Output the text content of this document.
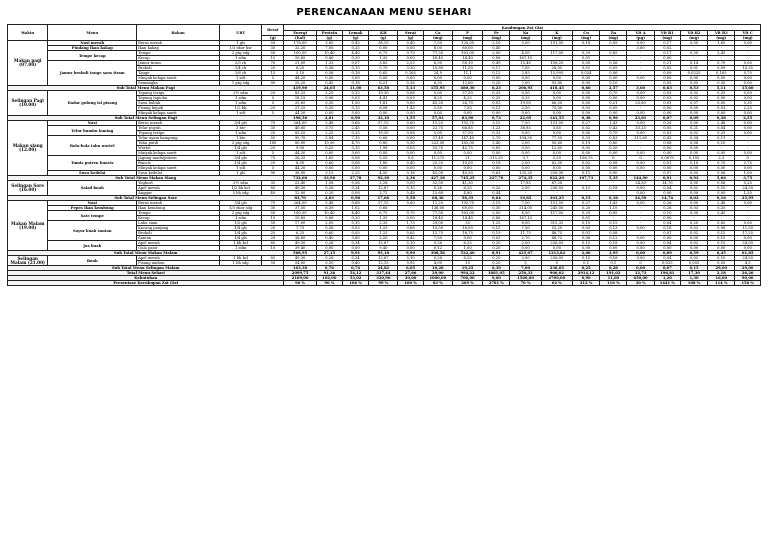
PERENCANAAN MENU SEHARI
Waktu	Menu	Bahan	URT	Berat	Kandungan Zat Gizi																
					Energi	Protein	Lemak	KH	Serat	Ca	P	Fe	Na	K	Cu	Zn	Vit A	Vit B1	Vit B2	Vit B3	Vit C
				(g)	(Kal)	(g)	(g)	(g)	(g)	(mg)	(mg)	(mg)	(mg)	(mg)	(mg)	(mg)	(µg)	(mg)	(mg)	(mg)	(mg)
Makan pagi
(07.00)	Nasi merah	Beras merah	1 gls	50	178,00	3,85	0,45	38,10	0,40	7,50	128,50	2,10	5,00	101,00	0,18	0,95	0,00	0,17	0,00	1,65	0,00
	Pindang ikan kakap	Ikan kakap	1/3 ekor bsr	35	32,20	7,00	0,25	0,00	0,00	8,00	80,00	0,40	-	-	-	-	3,60	0,02	-	-	-
	Tempe kecap	Tempe	2 ptg sdg	50	100,50	10,40	4,40	6,75	0,70	77,50	163,00	2,00	4,50	117,00	0,29	0,85	-	0,17	0,30	2,45	-
		Kecap	1 sdm	15	10,65	0,86	0,20	1,35	0,00	18,45	14,40	0,86	167,10	-	0,01	-	-	0,00	-	-	-
	Jamur brokoli tauge saus tiram	Jamur tiram	2/3 ch	70	21,00	1,33	0,07	3,85	2,52	6,30	58,10	0,49	15,40	158,20	0,00	0,56	-	0,21	0,14	0,70	0,00
		Brokoli	1/4 ch	25	6,25	0,36	0,10	0,70	3,30	10,80	11,50	0,17	7,05	28,05	0,01	0,05	-	0,02	0,01	0,09	10,35
		Tauge	1/6 ch	15	5,10	0,56	0,18	0,65	0,165	24,9	11,1	0,12	2,85	13,995	0,024	0,06	-	0,09	0,0225	0,165	0,75
		Minyak kelapa sawit	1 sdt	5	44,20	0,00	5,00	0,00	0,00	0,00	0,00	0,00	0,00	0,00	0,00	0,00	0,00	0,00	0,00	0,00	0,00
		Semangka	1 ptg sdg	90	25,20	0,45	0,18	6,21	0,36	6,30	12,60	0,20	7,00	93,80	0,00	0,10	-	0,05	0,05	0,30	0,00
Sub Total Menu Makan Pagi					419,90	24,65	11,00	63,58	5,13	155,95	480,30	6,23	206,95	418,45	0,60	2,57	3,60	0,63	0,53	5,11	15,60
Selingan Pagi
(10.00)	Dadar gulung isi pisang	Tepung terigu	2½ sdm	25	83,25	2,25	0,25	19,30	0,08	5,00	37,50	0,33	0,50	0,00	0,00	0,70	0,00	0,03	0,02	0,25	0,00
		Tepung tapioka	1 sdm	5	18,15	0,06	0,03	4,41	0,03	4,25	4,25	0,25	0,25	0,00	0,00	0,00	0,00	0,03	0,02	0,00	0,00
		Susu bubuk	1 sdm	5	25,65	0,30	1,50	1,81	0,00	45,20	24,70	0,03	19,00	66,50	0,00	0,21	23,80	0,01	0,07	0,00	0,30
		Pisang kepok	1/2 bh	25	27,25	0,20	0,13	6,58	1,43	2,50	7,50	0,13	2,50	75,00	0,03	0,05	-	0,00	0,00	0,03	2,25
		Minyak kelapa sawit	1 sdt	5	44,20	0,00	5,00	0,00	0,00	0,00	0,00	0,00	0,00	0,00	0,00	0,00	0,00	0,00	0,00	0,00	0,00
Sub Total Menu Selingan Pagi					198,50	2,81	6,90	32,10	1,55	57,03	83,90	0,73	22,05	141,55	0,38	0,96	23,81	0,07	0,09	0,38	2,55
Makan siang
(12.00)	Nasi	Beras merah	3/4 gls	75	264,00	5,48	0,68	57,15	0,60	11,25	192,75	3,15	7,50	151,50	0,27	1,43	0,00	0,26	0,00	2,48	0,00
	Telur bumbu kuning	Telur puyuh	3 btr	35	40,60	3,75	2,45	0,56	0,00	22,75	66,85	1,23	38,85	3,85	0,02	0,42	33,25	0,05	0,21	0,04	0,00
		Tepung terigu	1 sdm	25	83,25	2,25	0,25	19,30	0,08	5,00	37,50	0,33	0,50	0,00	0,00	0,70	0,00	0,03	0,02	0,25	0,00
	Bola-bola tahu wortel	Telur ayam kampung	1 btr	55	95,70	5,94	7,15	0,66	0,00	37,40	147,40	2,70	104,50	77,55	0,33	0,83	111,65	0,43	0,34	0,11	-
		Tahu putih	2 ptg sdg	100	80,00	10,90	4,70	0,80	0,20	223,00	183,00	3,40	2,00	50,60	0,19	0,80	-	0,08	0,08	0,10	-
		Wortel	1/4 gls	25	9,00	0,25	0,15	1,98	0,03	55,75	45,75	0,85	0,50	12,65	0,05	0,20	-	0,00	0,00	-	-
		Minyak kelapa sawit	1 sdt	5	44,20	0,00	5,00	0,00	0,00	0,00	0,00	0,00	0,00	0,00	0,00	0,00	0,00	0,00	0,00	0,00	0,00
	Tumis putren buncis	Jagung muda/putren	3/4 gls	75	26,25	1,65	0,08	5,55	0,9	11,275	21	215,25	3,7	5,25	106,75	0	0	0,0675	0,105	2,3	0
		Buncis	1/4 gls	25	8,50	0,60	0,08	1,80	0,40	25,25	10,50	0,18	2,00	62,50	0,02	0,08	0,00	0,01	0,10	0,70	2,75
		Minyak kelapa sawit	1 sdt	5	44,20	0,00	5,00	0,00	0,00	0,00	0,00	0,00	0,00	0,00	0,00	0,00	0,00	0,00	0,00	0,00	0,00
	Susu kedelai	Susu kedelai	1 gls	90	36,90	3,15	2,25	4,50	0,18	45,00	40,50	0,63	135,20	258,30	0,11	0,90	-	0,07	0,05	0,06	1,00
Sub Total Menu Makan Siang					732,60	33,96	27,78	92,30	2,36	427,18	745,25	227,70	274,35	622,20	107,73	5,35	144,90	0,91	0,92	5,66	3,75
Selingan Sore
(16.00)	Salad buah	Yoghurt	2½ sdm	35	22,40	1,58	0,56	2,28	0,00	52,50	41,30	-	17,85	67,20	-	-	24,50	14,70	0,00	0,06	0,25
		Apel merah	1/2 bh kcl	85	49,30	0,26	0,34	12,67	5,10	0,26	6,25	0,20	2,00	236,05	0,15	0,18	0,00	0,04	0,02	0,10	24,50
		Anggur	5 bh sdg	40	12,00	0,20	0,08	2,72	0,48	15,60	4,80	0,44	-	-	-	-	0,00	0,00	0,00	0,00	1,20
Sub Total Menu Selingan Sore					83,70	2,03	0,98	17,66	5,58	68,36	58,35	0,64	19,85	303,25	0,15	0,18	24,50	14,74	0,02	0,16	25,95
Makan Malam
(19.00)	Nasi	Beras merah	3/4 gls	75	264,00	5,48	0,68	57,15	0,60	11,25	192,75	3,15	7,50	151,50	0,27	1,43	0,00	0,26	0,00	2,48	0,00
	Pepes ikan kembung	Ikan kembung	1/3 ekor sdg	30	37,50	6,39	1,02	0,66	-	136,00	69,00	0,30	214,00	245,00	0,20	1,10	-	0,26	0,03	0,20	-
	Sate tempe	Tempe	2 ptg sdg	50	100,50	10,40	4,40	6,75	0,70	77,50	163,00	2,00	4,50	117,00	0,29	0,85	-	0,10	0,30	2,45	-
		Kecap	1 sdm	15	10,65	0,86	0,20	1,35	0,00	18,45	14,40	0,86	167,10	-	0,01	-	-	0,00	-	-	-
	Sayur kuah santan	Labu siam	1/2 gls	50	17,00	2,00	0,15	2,35	1,75	29,00	35	1,25	8,00	315,35	0,10	0,15	-	0,04	0,20	0,85	0,00
		Kacang panjang	1/4 gls	25	7,75	0,58	0,03	1,33	0,68	15,50	16,00	0,15	7,50	53,25	0,03	0,13	0,00	0,18	0,03	0,08	11,50
		Brokoli	1/4 gls	25	6,25	0,60	0,05	1,23	0,65	11,75	16,75	0,19	11,75	46,75	0,01	0,08	-	0,01	0,02	0,15	17,25
		Santan	1/4 gls	20	36,60	0,40	3,80	2,20	0,42	7,50	9,00	0,03	2,70	48,72	0,06	0,12	0,00	0,00	0,00	0,15	0,00
	Jus buah	Apel merah	1 bh kcl	85	49,30	0,26	0,34	12,67	5,10	0,26	6,25	0,20	2,00	236,05	0,15	0,18	0,00	0,04	0,02	0,10	24,50
		Gula pasir	1 sdm	10	39,40	0,00	0,00	9,40	0,00	0,12	1,00	0,20	0,00	0,00	0,00	0,00	0,00	0,00	0,00	0,00	0,00
Sub Total Menu Makan Malam					568,95	27,15	9,91	95,18	9,90	308,58	522,40	8,91	425,07	1213,82	2,06	3,95	0,00	0,89	0,59	6,45	61,85
Selingan
Malam (21.00)	Buah	Apel merah	1 bh kcl	85	49,30	0,26	0,34	12,67	5,10	0,26	6,25	0,20	2,00	236,05	0,15	0,18	0,00	0,04	0,02	0,10	24,50
		Pisang ambon	1 bh sdg	50	54,00	0,50	0,40	12,15	0,95	4,00	10	0,25	5	0	0,1	0,1	0	0,025	0,055	0,05	4,5
Sub Total Menu Selingan Malam					103,30	0,76	0,74	24,82	6,05	10,26	19,25	0,30	7,00	236,05	0,25	0,28	0,00	0,07	0,15	29,00	29,00
Total Menu Sehari					2099,75	91,36	54,12	317,44	27,66	29,00	994,22	1881,05	250,33	906,02	2914,12	191,02	12,73	196,81	17,30	2,18	26,26
Kebutuhan					2169,00	102,00	53,02	320,96	30,00	1000,00	700,00	9,00	1500,00	4700,00	0,90	11,00	650,00	1,20	1,30	16,00	90,00
Presentase Kecukupan Zat Gizi					96 %	90 %	106 %	99 %	100 %	83 %	269 %	2781 %	70 %	62 %	212 %	116 %	30 %	1441 %	168 %	114 %	156 %
